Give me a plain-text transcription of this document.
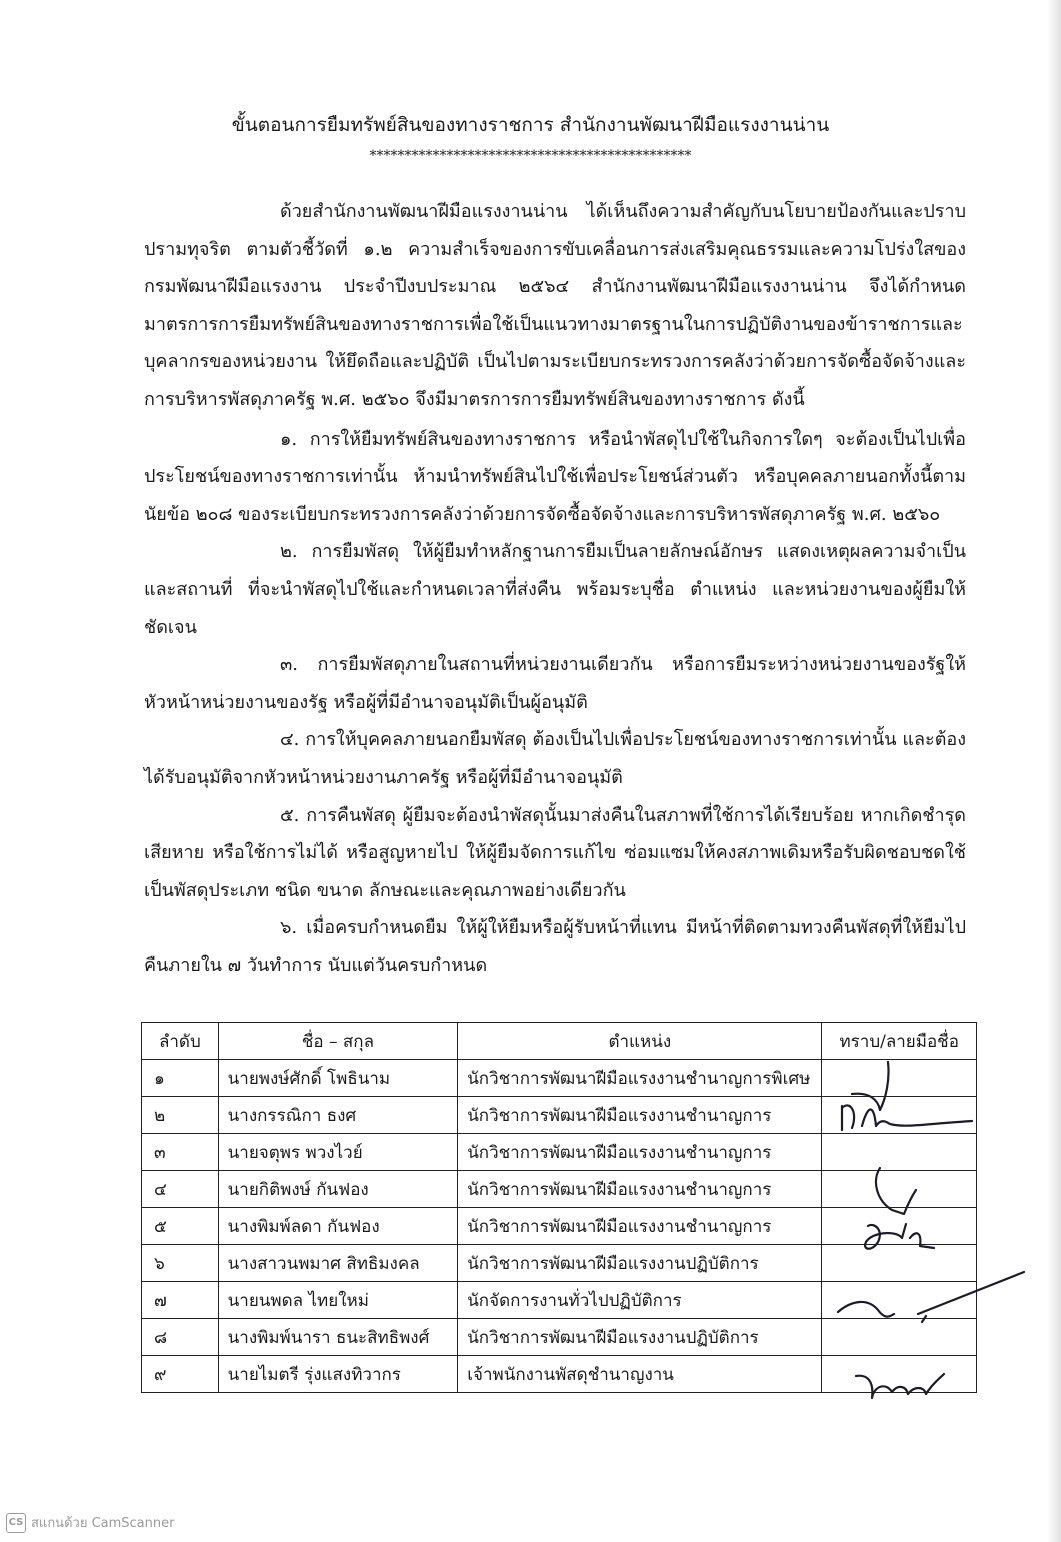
ขั้นตอนการยืมทรัพย์สินของทางราชการ สำนักงานพัฒนาฝีมือแรงงานน่าน
**********************************************

ด้วยสำนักงานพัฒนาฝีมือแรงงานน่าน ได้เห็นถึงความสำคัญกับนโยบายป้องกันและปราบปรามทุจริต ตามตัวชี้วัดที่ ๑.๒ ความสำเร็จของการขับเคลื่อนการส่งเสริมคุณธรรมและความโปร่งใสของกรมพัฒนาฝีมือแรงงาน ประจำปีงบประมาณ ๒๕๖๔ สำนักงานพัฒนาฝีมือแรงงานน่าน จึงได้กำหนดมาตรการการยืมทรัพย์สินของทางราชการเพื่อใช้เป็นแนวทางมาตรฐานในการปฏิบัติงานของข้าราชการและบุคลากรของหน่วยงาน ให้ยึดถือและปฏิบัติ เป็นไปตามระเบียบกระทรวงการคลังว่าด้วยการจัดซื้อจัดจ้างและการบริหารพัสดุภาครัฐ พ.ศ. ๒๕๖๐ จึงมีมาตรการการยืมทรัพย์สินของทางราชการ ดังนี้

๑. การให้ยืมทรัพย์สินของทางราชการ หรือนำพัสดุไปใช้ในกิจการใดๆ จะต้องเป็นไปเพื่อประโยชน์ของทางราชการเท่านั้น ห้ามนำทรัพย์สินไปใช้เพื่อประโยชน์ส่วนตัว หรือบุคคลภายนอกทั้งนี้ตามนัยข้อ ๒๐๘ ของระเบียบกระทรวงการคลังว่าด้วยการจัดซื้อจัดจ้างและการบริหารพัสดุภาครัฐ พ.ศ. ๒๕๖๐

๒. การยืมพัสดุ ให้ผู้ยืมทำหลักฐานการยืมเป็นลายลักษณ์อักษร แสดงเหตุผลความจำเป็นและสถานที่ ที่จะนำพัสดุไปใช้และกำหนดเวลาที่ส่งคืน พร้อมระบุชื่อ ตำแหน่ง และหน่วยงานของผู้ยืมให้ชัดเจน

๓. การยืมพัสดุภายในสถานที่หน่วยงานเดียวกัน หรือการยืมระหว่างหน่วยงานของรัฐให้หัวหน้าหน่วยงานของรัฐ หรือผู้ที่มีอำนาจอนุมัติเป็นผู้อนุมัติ

๔. การให้บุคคลภายนอกยืมพัสดุ ต้องเป็นไปเพื่อประโยชน์ของทางราชการเท่านั้น และต้องได้รับอนุมัติจากหัวหน้าหน่วยงานภาครัฐ หรือผู้ที่มีอำนาจอนุมัติ

๕. การคืนพัสดุ ผู้ยืมจะต้องนำพัสดุนั้นมาส่งคืนในสภาพที่ใช้การได้เรียบร้อย หากเกิดชำรุดเสียหาย หรือใช้การไม่ได้ หรือสูญหายไป ให้ผู้ยืมจัดการแก้ไข ซ่อมแซมให้คงสภาพเดิมหรือรับผิดชอบชดใช้เป็นพัสดุประเภท ชนิด ขนาด ลักษณะและคุณภาพอย่างเดียวกัน

๖. เมื่อครบกำหนดยืม ให้ผู้ให้ยืมหรือผู้รับหน้าที่แทน มีหน้าที่ติดตามทวงคืนพัสดุที่ให้ยืมไปคืนภายใน ๗ วันทำการ นับแต่วันครบกำหนด

ลำดับ	ชื่อ – สกุล	ตำแหน่ง	ทราบ/ลายมือชื่อ
๑	นายพงษ์ศักดิ์ โพธินาม	นักวิชาการพัฒนาฝีมือแรงงานชำนาญการพิเศษ	
๒	นางกรรณิกา ธงศ	นักวิชาการพัฒนาฝีมือแรงงานชำนาญการ	
๓	นายจตุพร พวงไวย์	นักวิชาการพัฒนาฝีมือแรงงานชำนาญการ	
๔	นายกิติพงษ์ กันฟอง	นักวิชาการพัฒนาฝีมือแรงงานชำนาญการ	
๕	นางพิมพ์ลดา กันฟอง	นักวิชาการพัฒนาฝีมือแรงงานชำนาญการ	
๖	นางสาวนพมาศ สิทธิมงคล	นักวิชาการพัฒนาฝีมือแรงงานปฏิบัติการ	
๗	นายนพดล ไทยใหม่	นักจัดการงานทั่วไปปฏิบัติการ	
๘	นางพิมพ์นารา ธนะสิทธิพงศ์	นักวิชาการพัฒนาฝีมือแรงงานปฏิบัติการ	
๙	นายไมตรี รุ่งแสงทิวากร	เจ้าพนักงานพัสดุชำนาญงาน	
CS สแกนด้วย CamScanner
